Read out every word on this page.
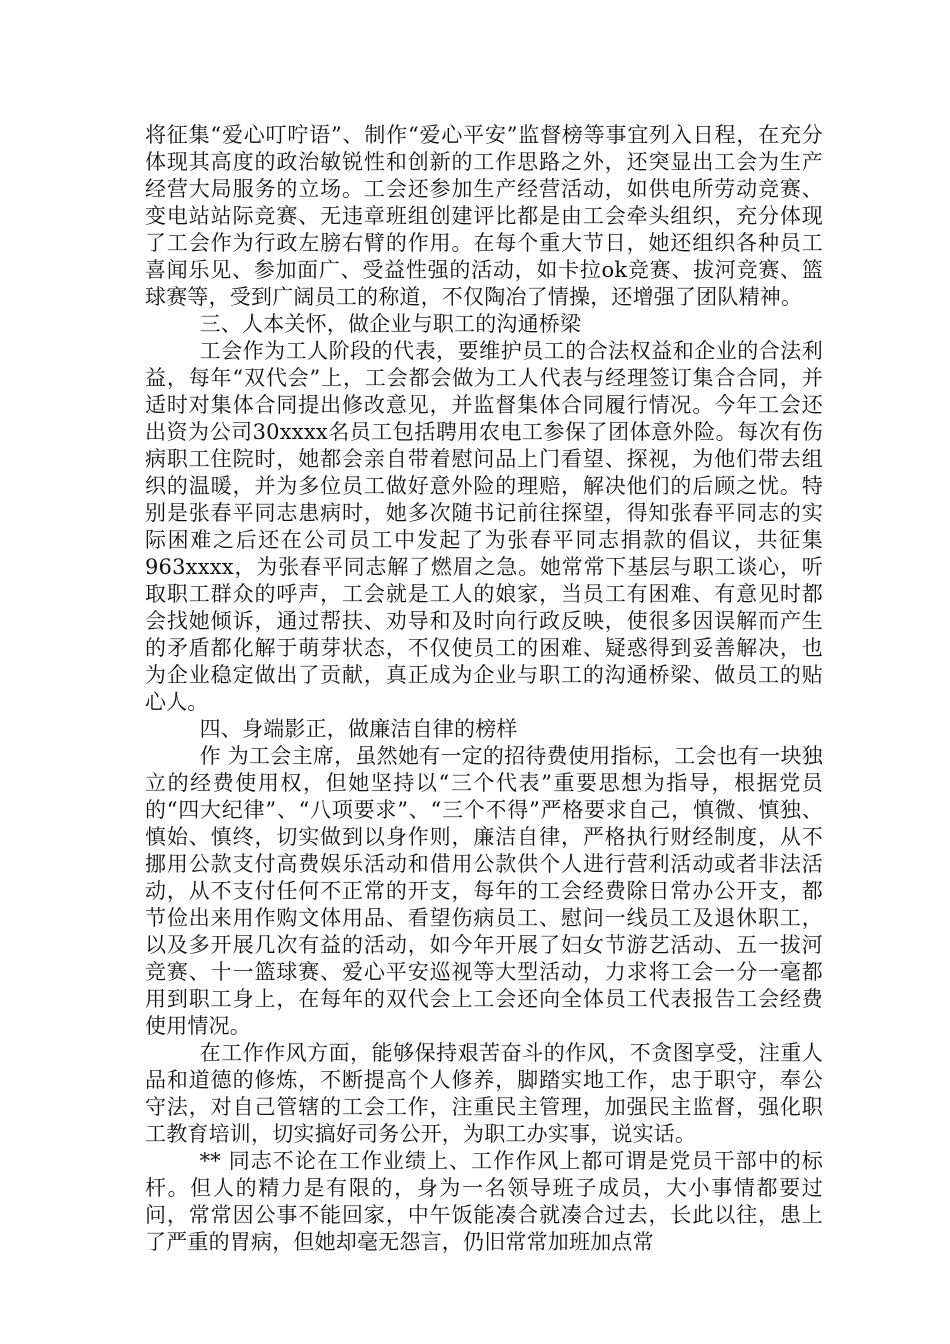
将征集“爱心叮咛语”、制作“爱心平安”监督榜等事宜列入日程，在充分体现其高度的政治敏锐性和创新的工作思路之外，还突显出工会为生产经营大局服务的立场。工会还参加生产经营活动，如供电所劳动竞赛、变电站站际竞赛、无违章班组创建评比都是由工会牵头组织，充分体现了工会作为行政左膀右臂的作用。在每个重大节日，她还组织各种员工喜闻乐见、参加面广、受益性强的活动，如卡拉ok竞赛、拔河竞赛、篮球赛等，受到广阔员工的称道，不仅陶冶了情操，还增强了团队精神。

三、人本关怀，做企业与职工的沟通桥梁

工会作为工人阶段的代表，要维护员工的合法权益和企业的合法利益，每年“双代会”上，工会都会做为工人代表与经理签订集合合同，并适时对集体合同提出修改意见，并监督集体合同履行情况。今年工会还出资为公司30xxxx名员工包括聘用农电工参保了团体意外险。每次有伤病职工住院时，她都会亲自带着慰问品上门看望、探视，为他们带去组织的温暖，并为多位员工做好意外险的理赔，解决他们的后顾之忧。特别是张春平同志患病时，她多次随书记前往探望，得知张春平同志的实际困难之后还在公司员工中发起了为张春平同志捐款的倡议，共征集963xxxx，为张春平同志解了燃眉之急。她常常下基层与职工谈心，听取职工群众的呼声，工会就是工人的娘家，当员工有困难、有意见时都会找她倾诉，通过帮扶、劝导和及时向行政反映，使很多因误解而产生的矛盾都化解于萌芽状态，不仅使员工的困难、疑惑得到妥善解决，也为企业稳定做出了贡献，真正成为企业与职工的沟通桥梁、做员工的贴心人。

四、身端影正，做廉洁自律的榜样

作 为工会主席，虽然她有一定的招待费使用指标，工会也有一块独立的经费使用权，但她坚持以“三个代表”重要思想为指导，根据党员的“四大纪律”、“八项要求”、“三个不得”严格要求自己，慎微、慎独、慎始、慎终，切实做到以身作则，廉洁自律，严格执行财经制度，从不挪用公款支付高费娱乐活动和借用公款供个人进行营利活动或者非法活动，从不支付任何不正常的开支，每年的工会经费除日常办公开支，都节俭出来用作购文体用品、看望伤病员工、慰问一线员工及退休职工，以及多开展几次有益的活动，如今年开展了妇女节游艺活动、五一拔河竞赛、十一篮球赛、爱心平安巡视等大型活动，力求将工会一分一毫都用到职工身上，在每年的双代会上工会还向全体员工代表报告工会经费使用情况。

在工作作风方面，能够保持艰苦奋斗的作风，不贪图享受，注重人品和道德的修炼，不断提高个人修养，脚踏实地工作，忠于职守，奉公守法，对自己管辖的工会工作，注重民主管理，加强民主监督，强化职工教育培训，切实搞好司务公开，为职工办实事，说实话。

** 同志不论在工作业绩上、工作作风上都可谓是党员干部中的标杆。但人的精力是有限的，身为一名领导班子成员，大小事情都要过问，常常因公事不能回家，中午饭能凑合就凑合过去，长此以往，患上了严重的胃病，但她却毫无怨言，仍旧常常加班加点常
